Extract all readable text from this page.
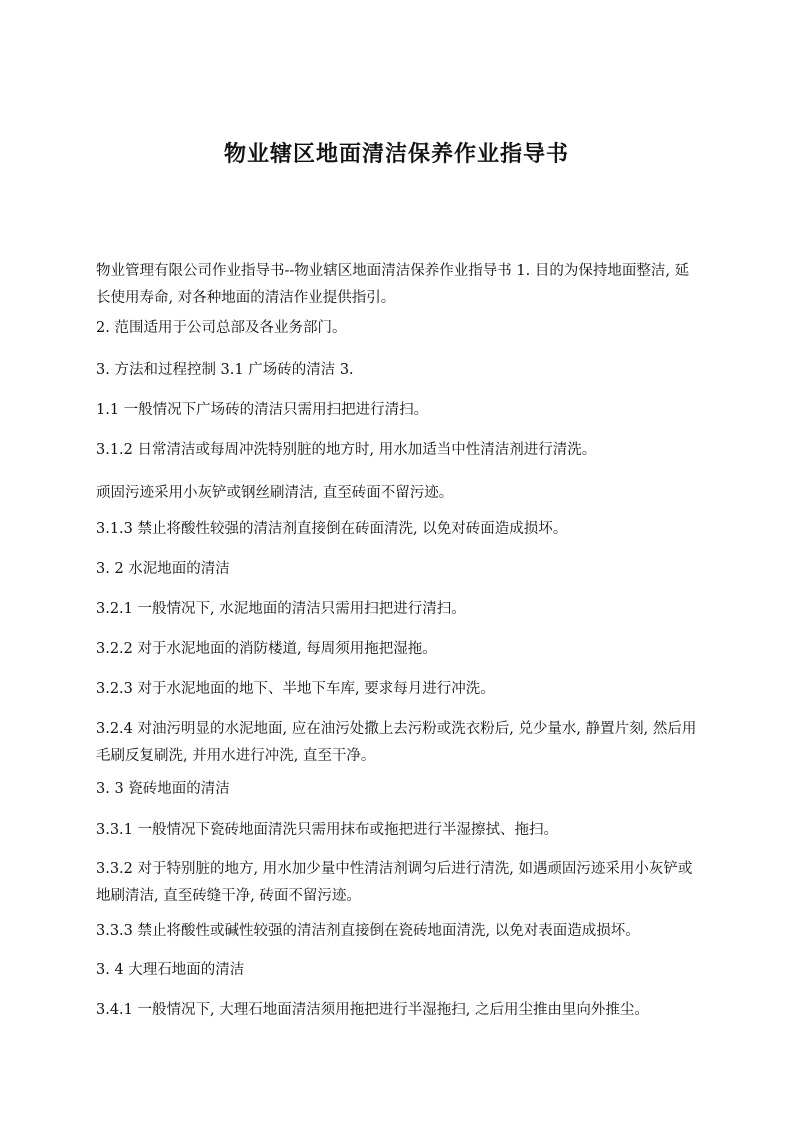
物业辖区地面清洁保养作业指导书

物业管理有限公司作业指导书--物业辖区地面清洁保养作业指导书 1. 目的为保持地面整洁, 延长使用寿命, 对各种地面的清洁作业提供指引。

2. 范围适用于公司总部及各业务部门。

3. 方法和过程控制 3.1 广场砖的清洁 3.

1.1 一般情况下广场砖的清洁只需用扫把进行清扫。

3.1.2 日常清洁或每周冲洗特别脏的地方时, 用水加适当中性清洁剂进行清洗。

顽固污迹采用小灰铲或钢丝刷清洁, 直至砖面不留污迹。

3.1.3 禁止将酸性较强的清洁剂直接倒在砖面清洗, 以免对砖面造成损坏。

3. 2 水泥地面的清洁

3.2.1 一般情况下, 水泥地面的清洁只需用扫把进行清扫。

3.2.2 对于水泥地面的消防楼道, 每周须用拖把湿拖。

3.2.3 对于水泥地面的地下、半地下车库, 要求每月进行冲洗。

3.2.4 对油污明显的水泥地面, 应在油污处撒上去污粉或洗衣粉后, 兑少量水, 静置片刻, 然后用毛刷反复刷洗, 并用水进行冲洗, 直至干净。

3. 3 瓷砖地面的清洁

3.3.1 一般情况下瓷砖地面清洗只需用抹布或拖把进行半湿擦拭、拖扫。

3.3.2 对于特别脏的地方, 用水加少量中性清洁剂调匀后进行清洗, 如遇顽固污迹采用小灰铲或地刷清洁, 直至砖缝干净, 砖面不留污迹。

3.3.3 禁止将酸性或碱性较强的清洁剂直接倒在瓷砖地面清洗, 以免对表面造成损坏。

3. 4 大理石地面的清洁

3.4.1 一般情况下, 大理石地面清洁须用拖把进行半湿拖扫, 之后用尘推由里向外推尘。
